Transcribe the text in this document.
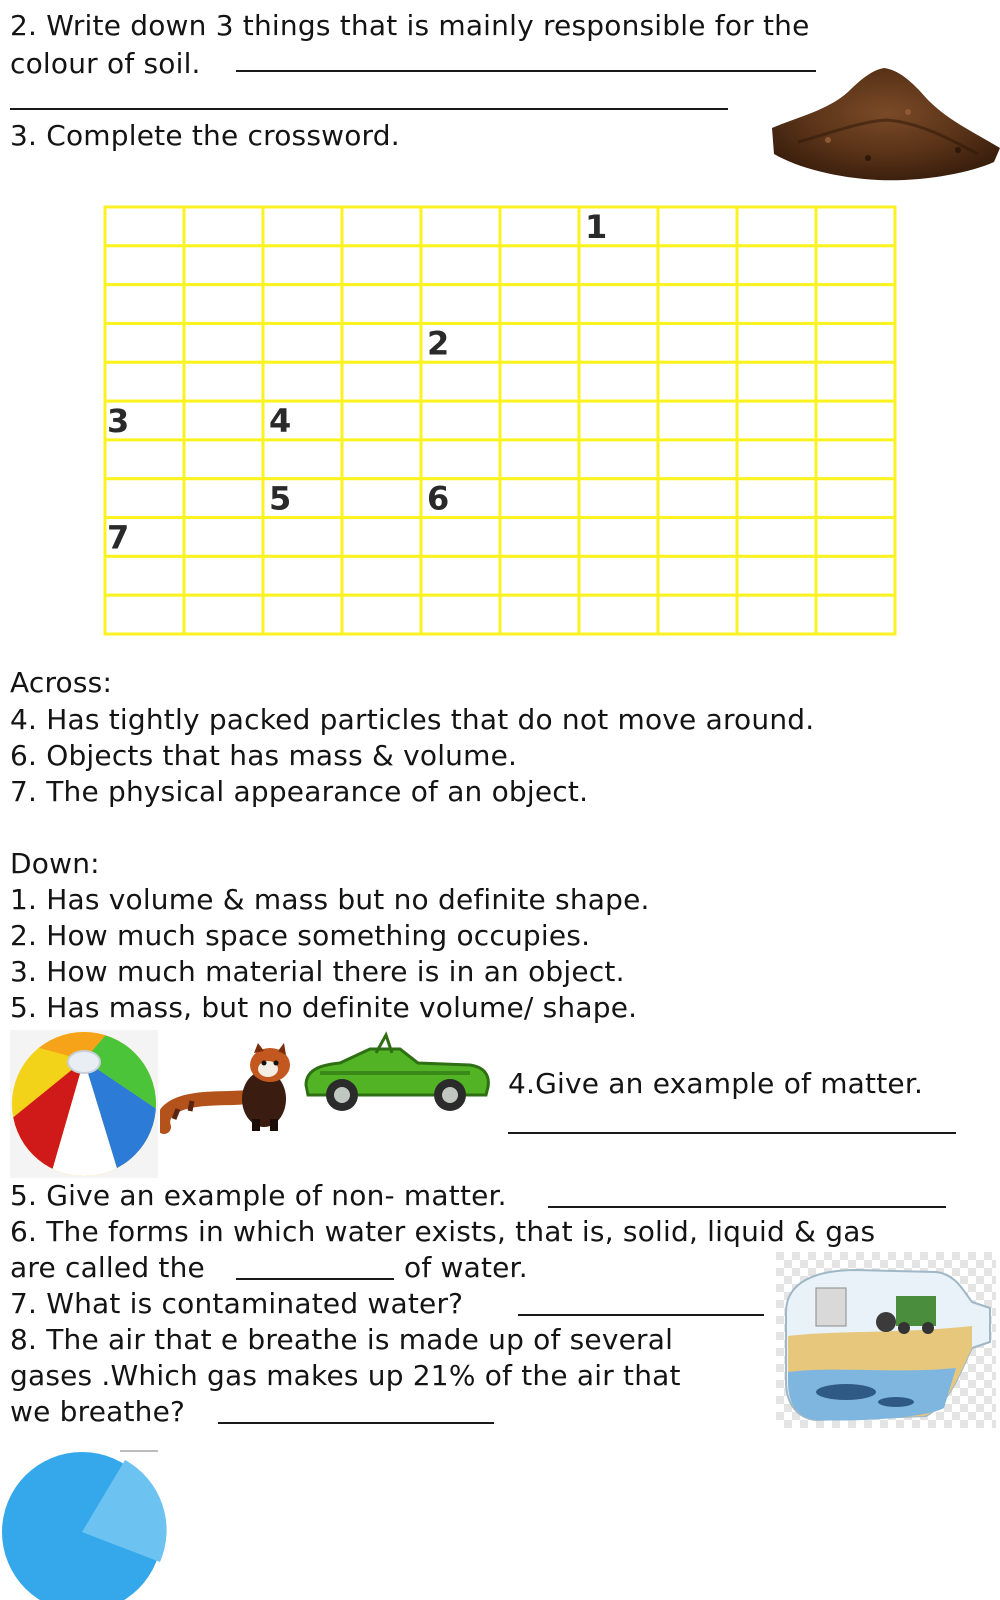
2. Write down 3 things that is mainly responsible for the
colour of soil.
3. Complete the crossword.
1
2
3	4
5	6
7
Across:
4. Has tightly packed particles that do not move around.
6. Objects that has mass & volume.
7. The physical appearance of an object.
Down:
1. Has volume & mass but no definite shape.
2. How much space something occupies.
3. How much material there is in an object.
5. Has mass, but no definite volume/ shape.
4.Give an example of matter.
5. Give an example of non- matter.
6. The forms in which water exists, that is, solid, liquid & gas
are called the	of water.
7. What is contaminated water?
8. The air that e breathe is made up of several
gases .Which gas makes up 21% of the air that
we breathe?
